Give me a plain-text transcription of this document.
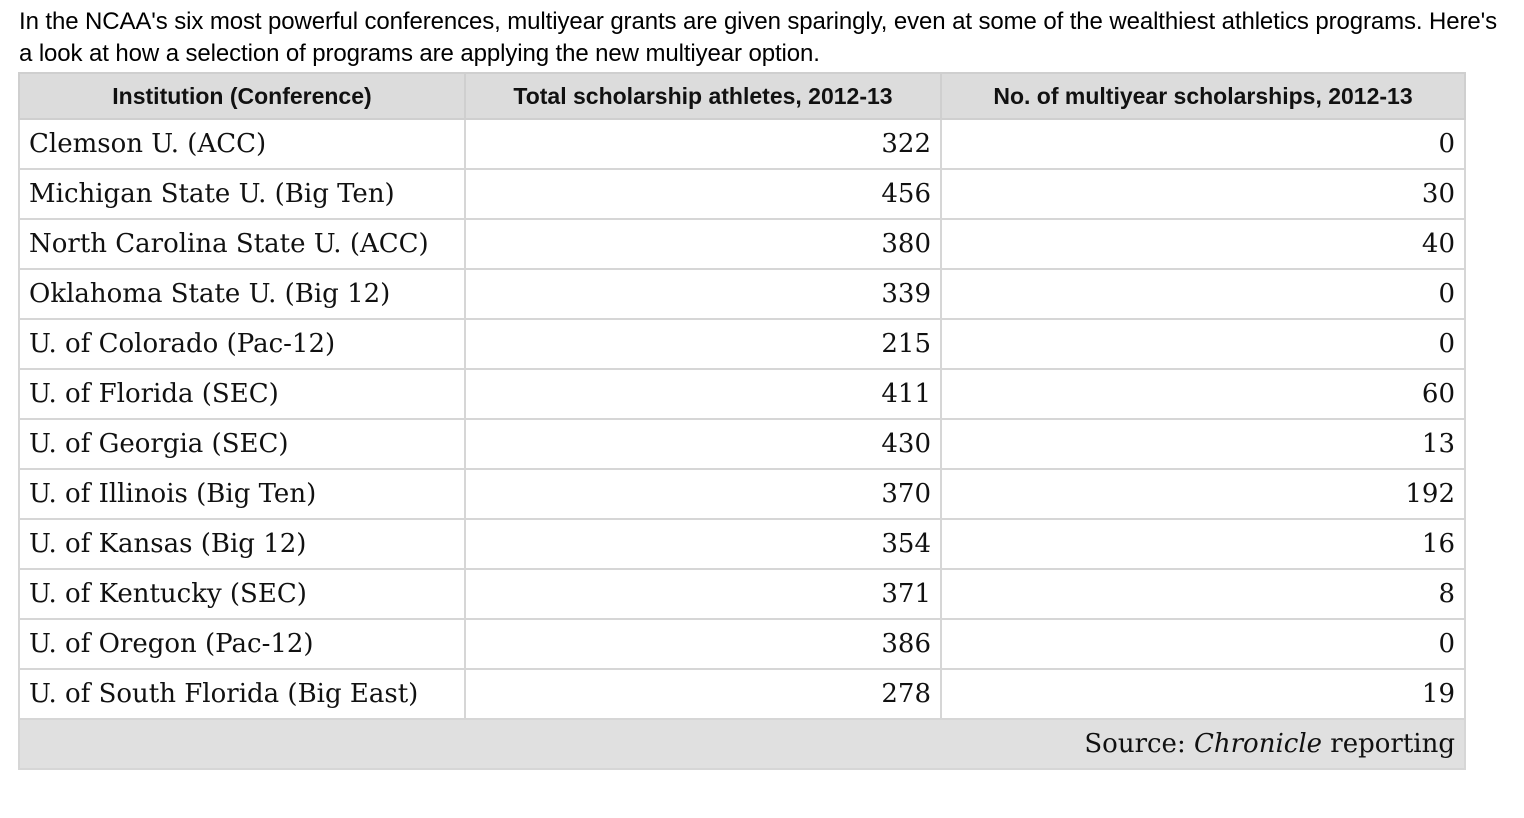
In the NCAA's six most powerful conferences, multiyear grants are given sparingly, even at some of the wealthiest athletics programs. Here's a look at how a selection of programs are applying the new multiyear option.

Institution (Conference)	Total scholarship athletes, 2012-13	No. of multiyear scholarships, 2012-13
Clemson U. (ACC)	322	0
Michigan State U. (Big Ten)	456	30
North Carolina State U. (ACC)	380	40
Oklahoma State U. (Big 12)	339	0
U. of Colorado (Pac-12)	215	0
U. of Florida (SEC)	411	60
U. of Georgia (SEC)	430	13
U. of Illinois (Big Ten)	370	192
U. of Kansas (Big 12)	354	16
U. of Kentucky (SEC)	371	8
U. of Oregon (Pac-12)	386	0
U. of South Florida (Big East)	278	19
Source: Chronicle reporting		
